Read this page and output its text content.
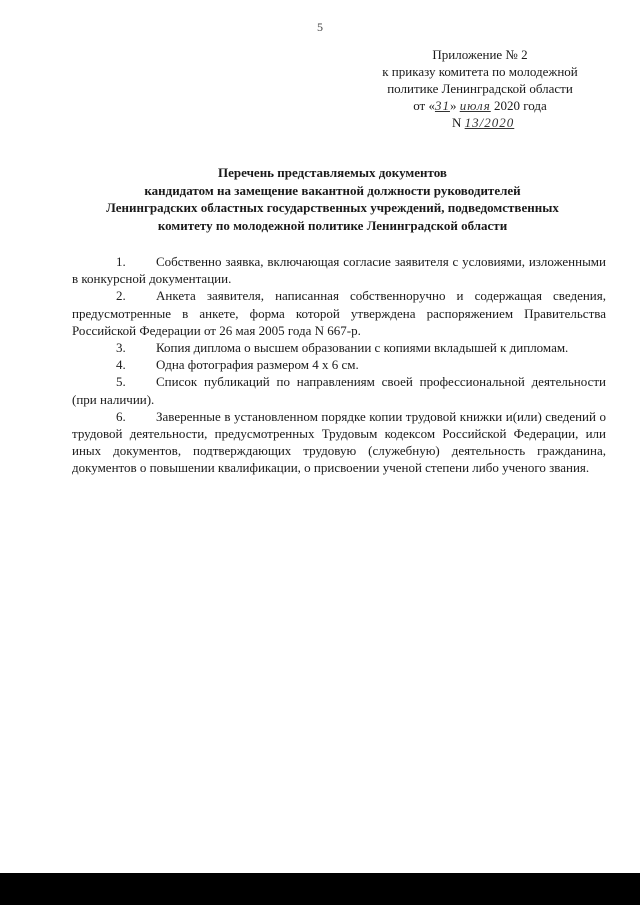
5
Приложение № 2
к приказу комитета по молодежной
политике Ленинградской области
от «31» июля 2020 года
N 13/2020
Перечень представляемых документов
кандидатом на замещение вакантной должности руководителей
Ленинградских областных государственных учреждений, подведомственных
комитету по молодежной политике Ленинградской области

1. Собственно заявка, включающая согласие заявителя с условиями, изложенными в конкурсной документации.

2. Анкета заявителя, написанная собственноручно и содержащая сведения, предусмотренные в анкете, форма которой утверждена распоряжением Правительства Российской Федерации от 26 мая 2005 года N 667-р.

3. Копия диплома о высшем образовании с копиями вкладышей к дипломам.

4. Одна фотография размером 4 х 6 см.

5. Список публикаций по направлениям своей профессиональной деятельности (при наличии).

6. Заверенные в установленном порядке копии трудовой книжки и(или) сведений о трудовой деятельности, предусмотренных Трудовым кодексом Российской Федерации, или иных документов, подтверждающих трудовую (служебную) деятельность гражданина, документов о повышении квалификации, о присвоении ученой степени либо ученого звания.
